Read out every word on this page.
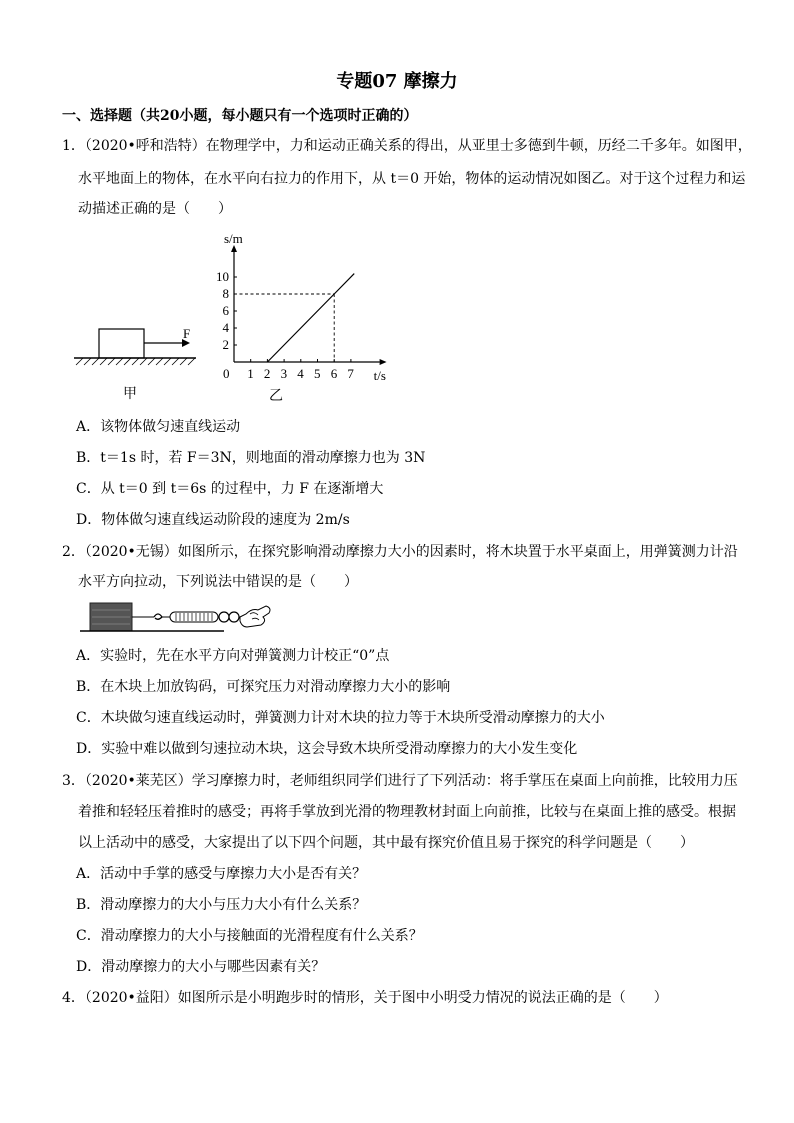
专题07 摩擦力
一、选择题（共20小题，每小题只有一个选项时正确的）
1．（2020•呼和浩特）在物理学中，力和运动正确关系的得出，从亚里士多德到牛顿，历经二千多年。如图甲，
水平地面上的物体，在水平向右拉力的作用下，从 t＝0 开始，物体的运动情况如图乙。对于这个过程力和运
动描述正确的是（　　）
F
甲
s/m
t/s
0 1 2 3 4 5 6 7
2
4
6
8
10
乙
A．该物体做匀速直线运动
B．t＝1s 时，若 F＝3N，则地面的滑动摩擦力也为 3N
C．从 t＝0 到 t＝6s 的过程中，力 F 在逐渐增大
D．物体做匀速直线运动阶段的速度为 2m/s
2．（2020•无锡）如图所示，在探究影响滑动摩擦力大小的因素时，将木块置于水平桌面上，用弹簧测力计沿
水平方向拉动，下列说法中错误的是（　　）
A．实验时，先在水平方向对弹簧测力计校正“0”点
B．在木块上加放钩码，可探究压力对滑动摩擦力大小的影响
C．木块做匀速直线运动时，弹簧测力计对木块的拉力等于木块所受滑动摩擦力的大小
D．实验中难以做到匀速拉动木块，这会导致木块所受滑动摩擦力的大小发生变化
3．（2020•莱芜区）学习摩擦力时，老师组织同学们进行了下列活动：将手掌压在桌面上向前推，比较用力压
着推和轻轻压着推时的感受；再将手掌放到光滑的物理教材封面上向前推，比较与在桌面上推的感受。根据
以上活动中的感受，大家提出了以下四个问题，其中最有探究价值且易于探究的科学问题是（　　）
A．活动中手掌的感受与摩擦力大小是否有关？
B．滑动摩擦力的大小与压力大小有什么关系？
C．滑动摩擦力的大小与接触面的光滑程度有什么关系？
D．滑动摩擦力的大小与哪些因素有关？
4．（2020•益阳）如图所示是小明跑步时的情形，关于图中小明受力情况的说法正确的是（　　）
